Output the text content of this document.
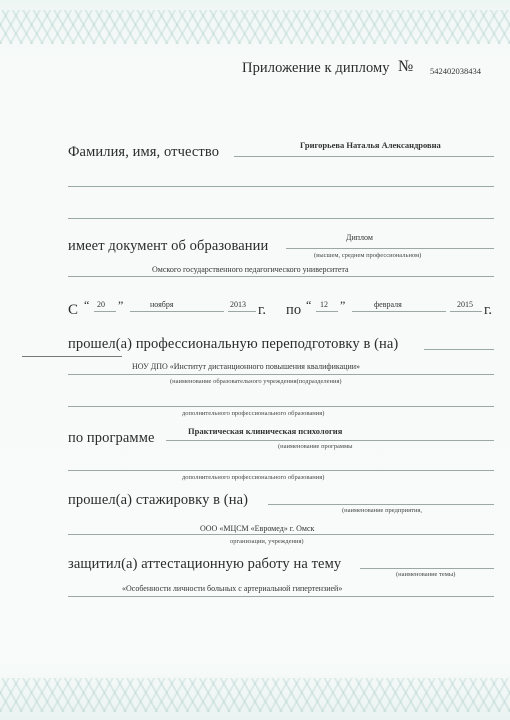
Приложение к диплому № 542402038434
Фамилия, имя, отчество	Григорьева Наталья Александровна
имеет документ об образовании
Диплом
(высшем, среднем профессиональном)
Омского государственного педагогического университета
С “ 20 ”	ноября	2013 г. по “ 12 ”	февраля	2015 г.
прошел(а) профессиональную переподготовку в (на)
НОУ ДПО «Институт дистанционного повышения квалификации»
(наименование образовательного учреждения(подразделения)
дополнительного профессионального образования)
по программе	Практическая клиническая психология
(наименование программы
дополнительного профессионального образования)
прошел(а) стажировку в (на)
(наименование предприятия,
ООО «МЦСМ «Евромед» г. Омск
организации, учреждения)
защитил(а) аттестационную работу на тему
(наименование темы)
«Особенности личности больных с артериальной гипертензией»
